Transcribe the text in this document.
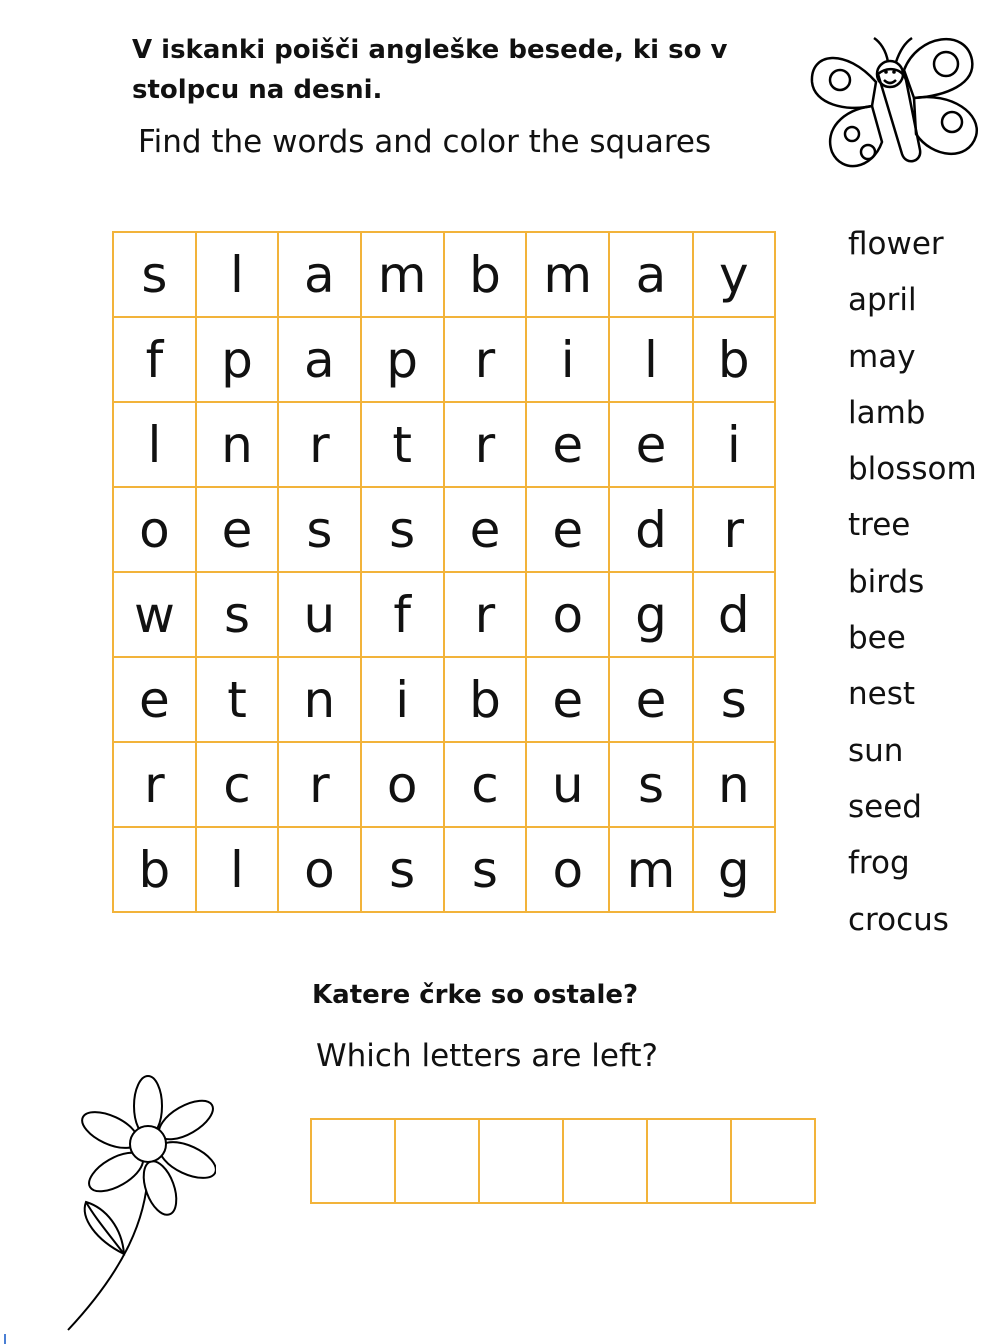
V iskanki poišči angleške besede, ki so v stolpcu na desni.

Find the words and color the squares

s	l	a	m	b	m	a	y
f	p	a	p	r	i	l	b
l	n	r	t	r	e	e	i
o	e	s	s	e	e	d	r
w	s	u	f	r	o	g	d
e	t	n	i	b	e	e	s
r	c	r	o	c	u	s	n
b	l	o	s	s	o	m	g
flower
april
may
lamb
blossom
tree
birds
bee
nest
sun
seed
frog
crocus

Katere črke so ostale?

Which letters are left?
